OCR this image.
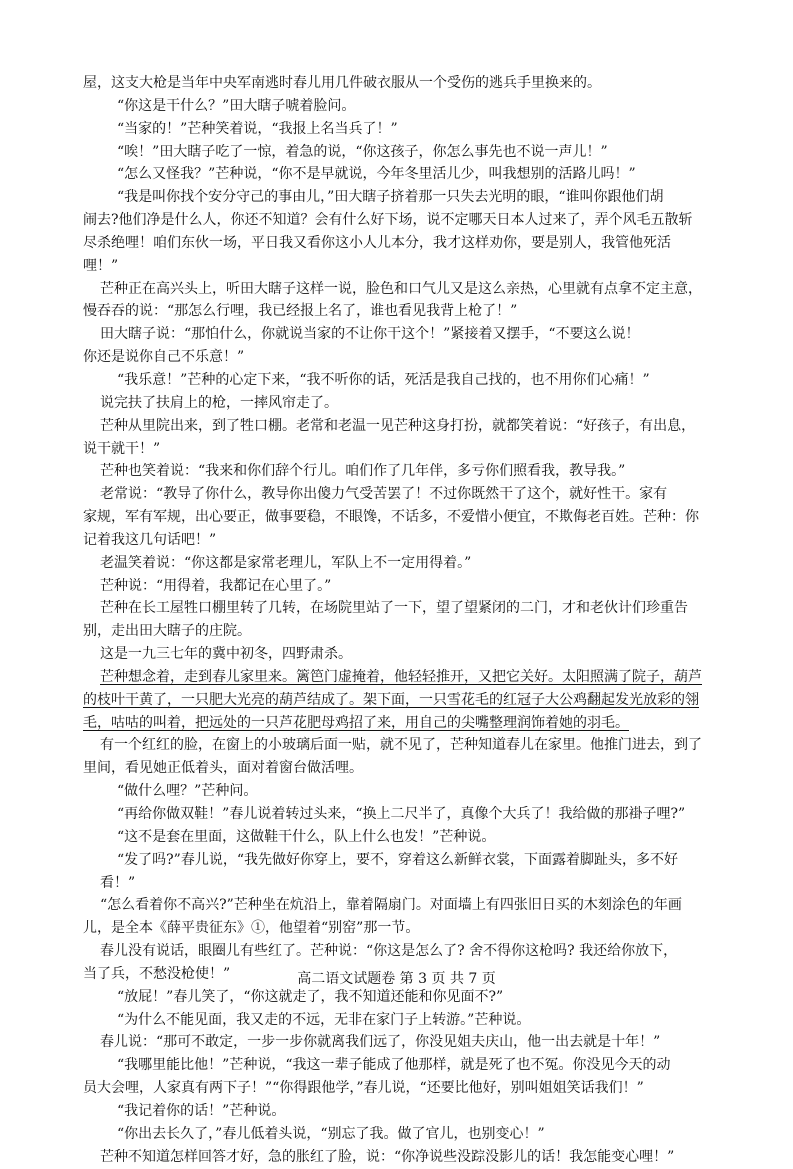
屋，这支大枪是当年中央军南逃时春儿用几件破衣服从一个受伤的逃兵手里换来的。
“你这是干什么？”田大瞎子唬着脸问。
“当家的！”芒种笑着说，“我报上名当兵了！”
“唉！”田大瞎子吃了一惊，着急的说，“你这孩子，你怎么事先也不说一声儿！”
“怎么又怪我？”芒种说，“你不是早就说，今年冬里活儿少，叫我想别的活路儿吗！”
“我是叫你找个安分守己的事由儿，”田大瞎子挤着那一只失去光明的眼，“谁叫你跟他们胡
闹去?他们净是什么人，你还不知道？会有什么好下场，说不定哪天日本人过来了，弄个风毛五散斩
尽杀绝哩！咱们东伙一场，平日我又看你这小人儿本分，我才这样劝你，要是别人，我管他死活
哩！”
芒种正在高兴头上，听田大瞎子这样一说，脸色和口气儿又是这么亲热，心里就有点拿不定主意，
慢吞吞的说：“那怎么行哩，我已经报上名了，谁也看见我背上枪了！”
田大瞎子说：“那怕什么，你就说当家的不让你干这个！”紧接着又摆手，“不要这么说！
你还是说你自己不乐意！”
“我乐意！”芒种的心定下来，“我不听你的话，死活是我自己找的，也不用你们心痛！”
说完扶了扶肩上的枪，一摔风帘走了。
芒种从里院出来，到了牲口棚。老常和老温一见芒种这身打扮，就都笑着说：“好孩子，有出息，
说干就干！”
芒种也笑着说：“我来和你们辞个行儿。咱们作了几年伴，多亏你们照看我，教导我。”
老常说：“教导了你什么，教导你出傻力气受苦罢了！不过你既然干了这个，就好性干。家有
家规，军有军规，出心要正，做事要稳，不眼馋，不话多，不爱惜小便宜，不欺侮老百姓。芒种：你
记着我这几句话吧！”
老温笑着说：“你这都是家常老理儿，军队上不一定用得着。”
芒种说：“用得着，我都记在心里了。”
芒种在长工屋牲口棚里转了几转，在场院里站了一下，望了望紧闭的二门，才和老伙计们珍重告
别，走出田大瞎子的庄院。
这是一九三七年的冀中初冬，四野肃杀。
芒种想念着，走到春儿家里来。篱笆门虚掩着，他轻轻推开，又把它关好。太阳照满了院子，葫芦
的枝叶干黄了，一只肥大光亮的葫芦结成了。架下面，一只雪花毛的红冠子大公鸡翻起发光放彩的翎
毛，咕咕的叫着，把远处的一只芦花肥母鸡招了来，用自己的尖嘴整理润饰着她的羽毛。
有一个红红的脸，在窗上的小玻璃后面一贴，就不见了，芒种知道春儿在家里。他推门进去，到了
里间，看见她正低着头，面对着窗台做活哩。
“做什么哩？”芒种问。
“再给你做双鞋！”春儿说着转过头来，“换上二尺半了，真像个大兵了！我给做的那褂子哩?”
“这不是套在里面，这做鞋干什么，队上什么也发！”芒种说。
“发了吗?”春儿说，“我先做好你穿上，要不，穿着这么新鲜衣裳，下面露着脚趾头，多不好
看！”
“怎么看着你不高兴?”芒种坐在炕沿上，靠着隔扇门。对面墙上有四张旧日买的木刻涂色的年画
儿，是全本《薛平贵征东》①，他望着“别窑”那一节。
春儿没有说话，眼圈儿有些红了。芒种说：“你这是怎么了? 舍不得你这枪吗? 我还给你放下，
当了兵，不愁没枪使！”
“放屁！”春儿笑了，“你这就走了，我不知道还能和你见面不?”
“为什么不能见面，我又走的不远，无非在家门子上转游。”芒种说。
春儿说：“那可不敢定，一步一步你就离我们远了，你没见姐夫庆山，他一出去就是十年！”
“我哪里能比他！”芒种说，“我这一辈子能成了他那样，就是死了也不冤。你没见今天的动
员大会哩，人家真有两下子！”“你得跟他学，”春儿说，“还要比他好，别叫姐姐笑话我们！”
“我记着你的话！”芒种说。
“你出去长久了，”春儿低着头说，“别忘了我。做了官儿，也别变心！”
芒种不知道怎样回答才好，急的胀红了脸，说：“你净说些没踪没影儿的话！我怎能变心哩！”
高二语文试题卷 第 3 页 共 7 页
